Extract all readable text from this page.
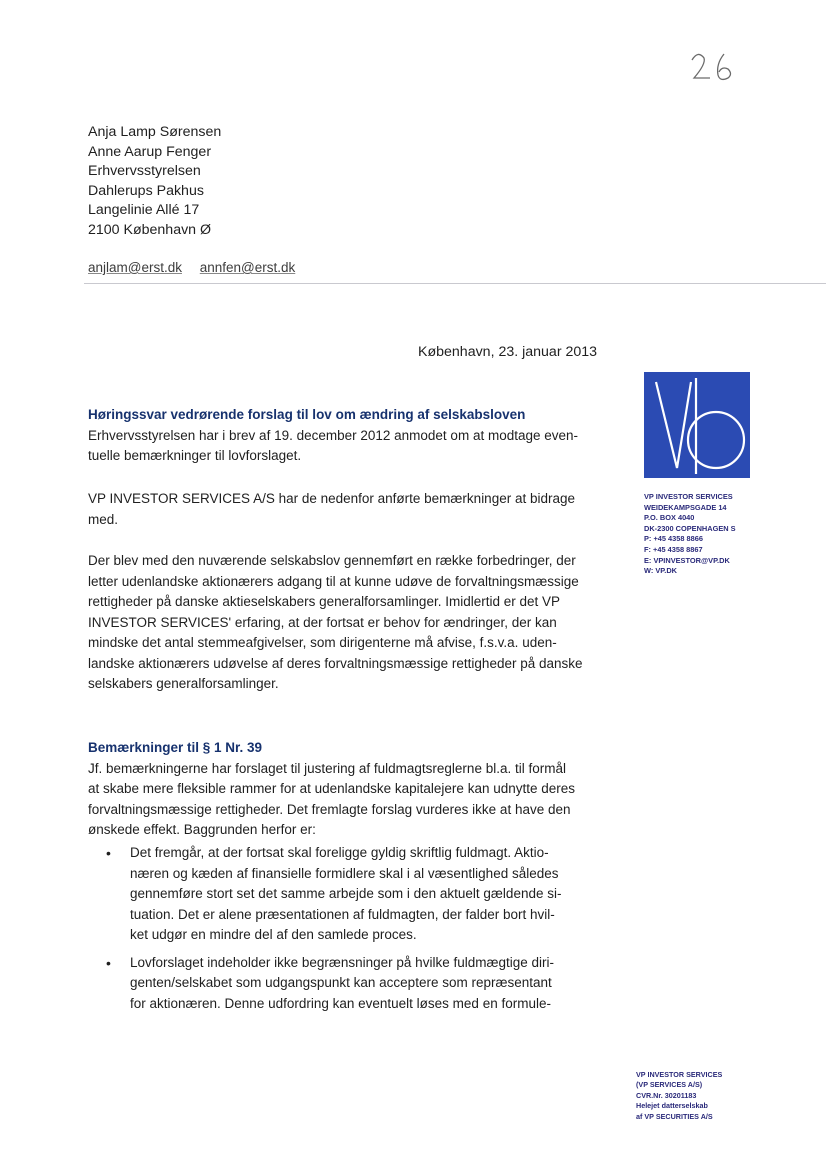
Anja Lamp Sørensen
Anne Aarup Fenger
Erhvervsstyrelsen
Dahlerups Pakhus
Langelinie Allé 17
2100 København Ø
anjlam@erst.dk annfen@erst.dk
København, 23. januar 2013
VP INVESTOR SERVICES
WEIDEKAMPSGADE 14
P.O. BOX 4040
DK-2300 COPENHAGEN S
P: +45 4358 8866
F: +45 4358 8867
E: VPINVESTOR@VP.DK
W: VP.DK

Høringssvar vedrørende forslag til lov om ændring af selskabsloven

Erhvervsstyrelsen har i brev af 19. december 2012 anmodet om at modtage even-

tuelle bemærkninger til lovforslaget.

VP INVESTOR SERVICES A/S har de nedenfor anførte bemærkninger at bidrage

med.

Der blev med den nuværende selskabslov gennemført en række forbedringer, der

letter udenlandske aktionærers adgang til at kunne udøve de forvaltningsmæssige

rettigheder på danske aktieselskabers generalforsamlinger. Imidlertid er det VP

INVESTOR SERVICES' erfaring, at der fortsat er behov for ændringer, der kan

mindske det antal stemmeafgivelser, som dirigenterne må afvise, f.s.v.a. uden-

landske aktionærers udøvelse af deres forvaltningsmæssige rettigheder på danske

selskabers generalforsamlinger.

Bemærkninger til § 1 Nr. 39

Jf. bemærkningerne har forslaget til justering af fuldmagtsreglerne bl.a. til formål

at skabe mere fleksible rammer for at udenlandske kapitalejere kan udnytte deres

forvaltningsmæssige rettigheder. Det fremlagte forslag vurderes ikke at have den

ønskede effekt. Baggrunden herfor er:

• Det fremgår, at der fortsat skal foreligge gyldig skriftlig fuldmagt. Aktio-

næren og kæden af finansielle formidlere skal i al væsentlighed således

gennemføre stort set det samme arbejde som i den aktuelt gældende si-

tuation. Det er alene præsentationen af fuldmagten, der falder bort hvil-

ket udgør en mindre del af den samlede proces.

• Lovforslaget indeholder ikke begrænsninger på hvilke fuldmægtige diri-

genten/selskabet som udgangspunkt kan acceptere som repræsentant

for aktionæren. Denne udfordring kan eventuelt løses med en formule-

VP INVESTOR SERVICES
(VP SERVICES A/S)
CVR.Nr. 30201183
Helejet datterselskab
af VP SECURITIES A/S
